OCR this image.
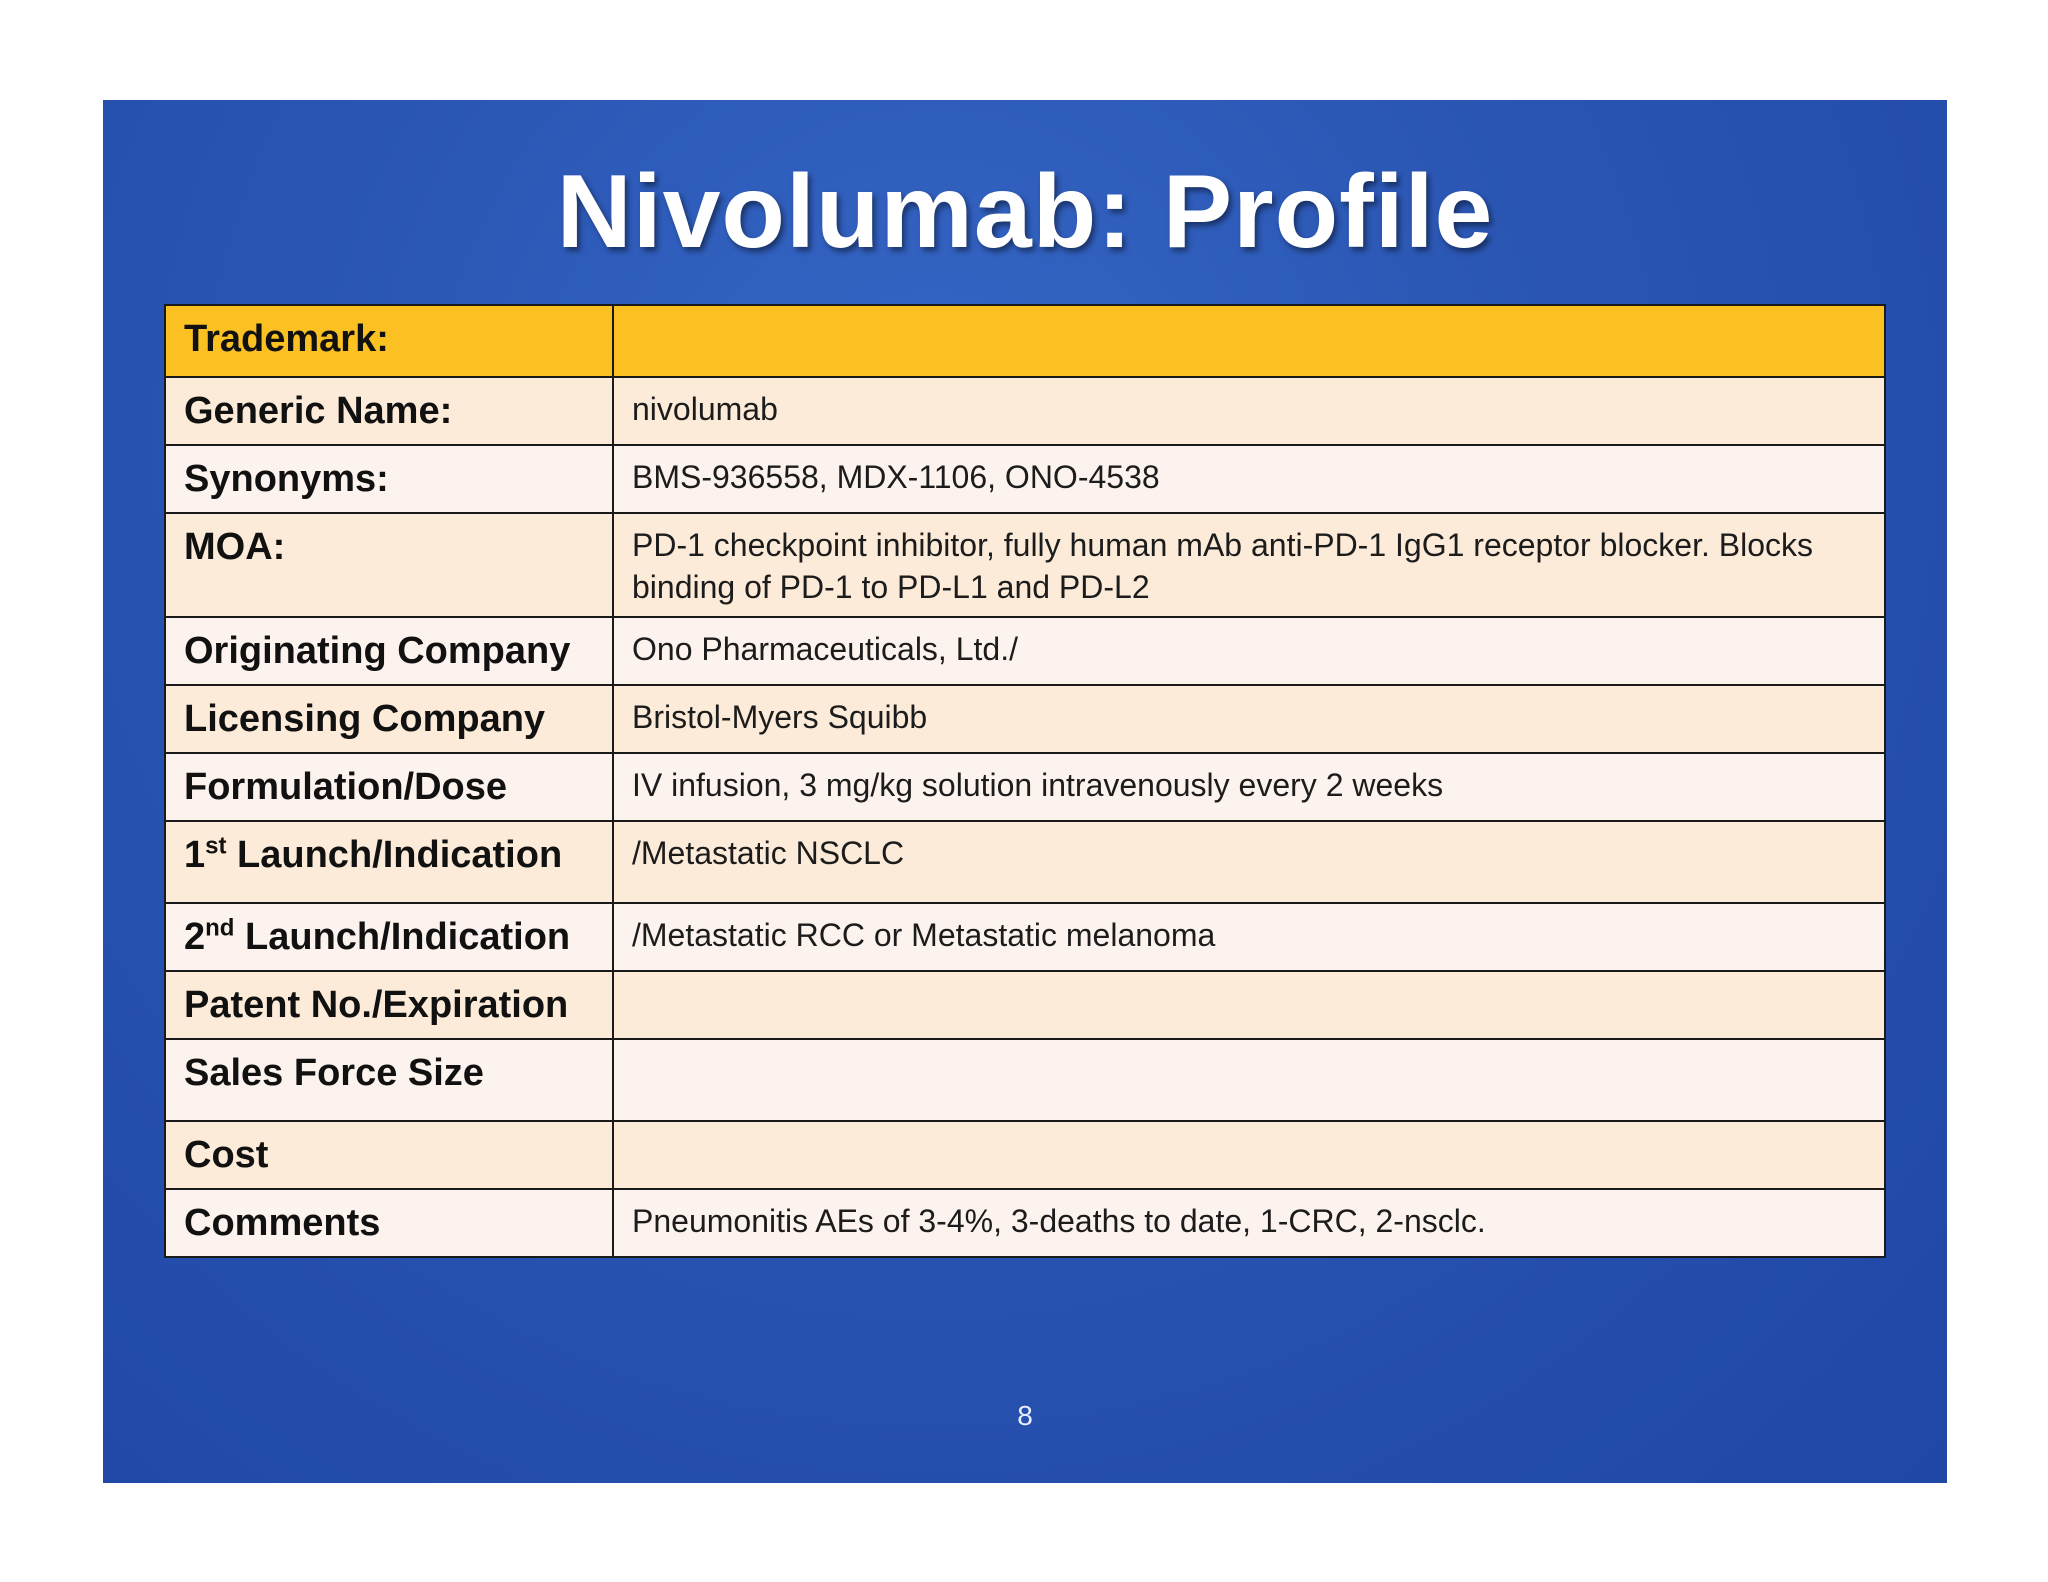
Nivolumab: Profile
Trademark:	
Generic Name:	nivolumab
Synonyms:	BMS-936558, MDX-1106, ONO-4538
MOA:	PD-1 checkpoint inhibitor, fully human mAb anti-PD-1 IgG1 receptor blocker. Blocks binding of PD-1 to PD-L1 and PD-L2
Originating Company	Ono Pharmaceuticals, Ltd./
Licensing Company	Bristol-Myers Squibb
Formulation/Dose	IV infusion, 3 mg/kg solution intravenously every 2 weeks
1st Launch/Indication	/Metastatic NSCLC
2nd Launch/Indication	/Metastatic RCC or Metastatic melanoma
Patent No./Expiration	
Sales Force Size	
Cost	
Comments	Pneumonitis AEs of 3-4%, 3-deaths to date, 1-CRC, 2-nsclc.
8
